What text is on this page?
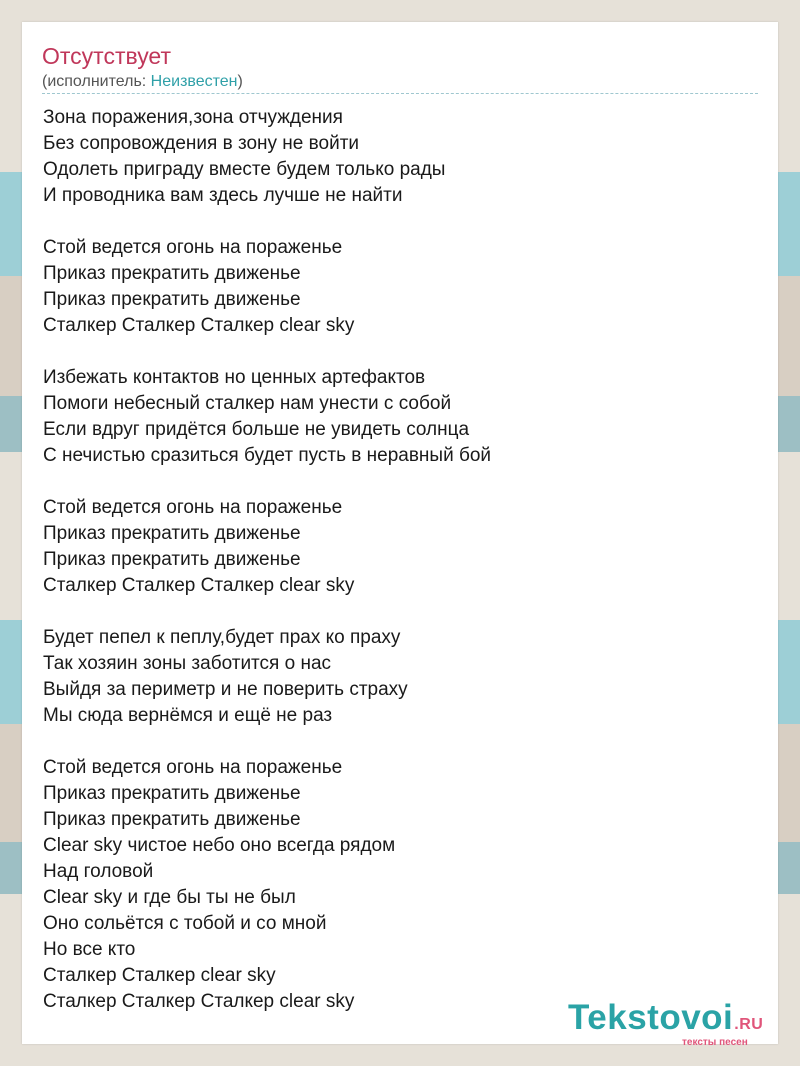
Отсутствует
(исполнитель: Неизвестен)
Зона поражения,зона отчуждения
Без сопровождения в зону не войти
Одолеть приграду вместе будем только рады
И проводника вам здесь лучше не найти
Стой ведется огонь на пораженье
Приказ прекратить движенье
Приказ прекратить движенье
Сталкер Сталкер Сталкер clear sky
Избежать контактов но ценных артефактов
Помоги небесный сталкер нам унести с собой
Если вдруг придётся больше не увидеть солнца
С нечистью сразиться будет пусть в неравный бой
Стой ведется огонь на пораженье
Приказ прекратить движенье
Приказ прекратить движенье
Сталкер Сталкер Сталкер clear sky
Будет пепел к пеплу,будет прах ко праху
Так хозяин зоны заботится о нас
Выйдя за периметр и не поверить страху
Мы сюда вернёмся и ещё не раз
Стой ведется огонь на пораженье
Приказ прекратить движенье
Приказ прекратить движенье
Clear sky чистое небо оно всегда рядом
Над головой
Clear sky и где бы ты не был
Оно сольётся с тобой и со мной
Но все кто
Сталкер Сталкер clear sky
Сталкер Сталкер Сталкер clear sky	Tekstovoi.RU
тексты песен
